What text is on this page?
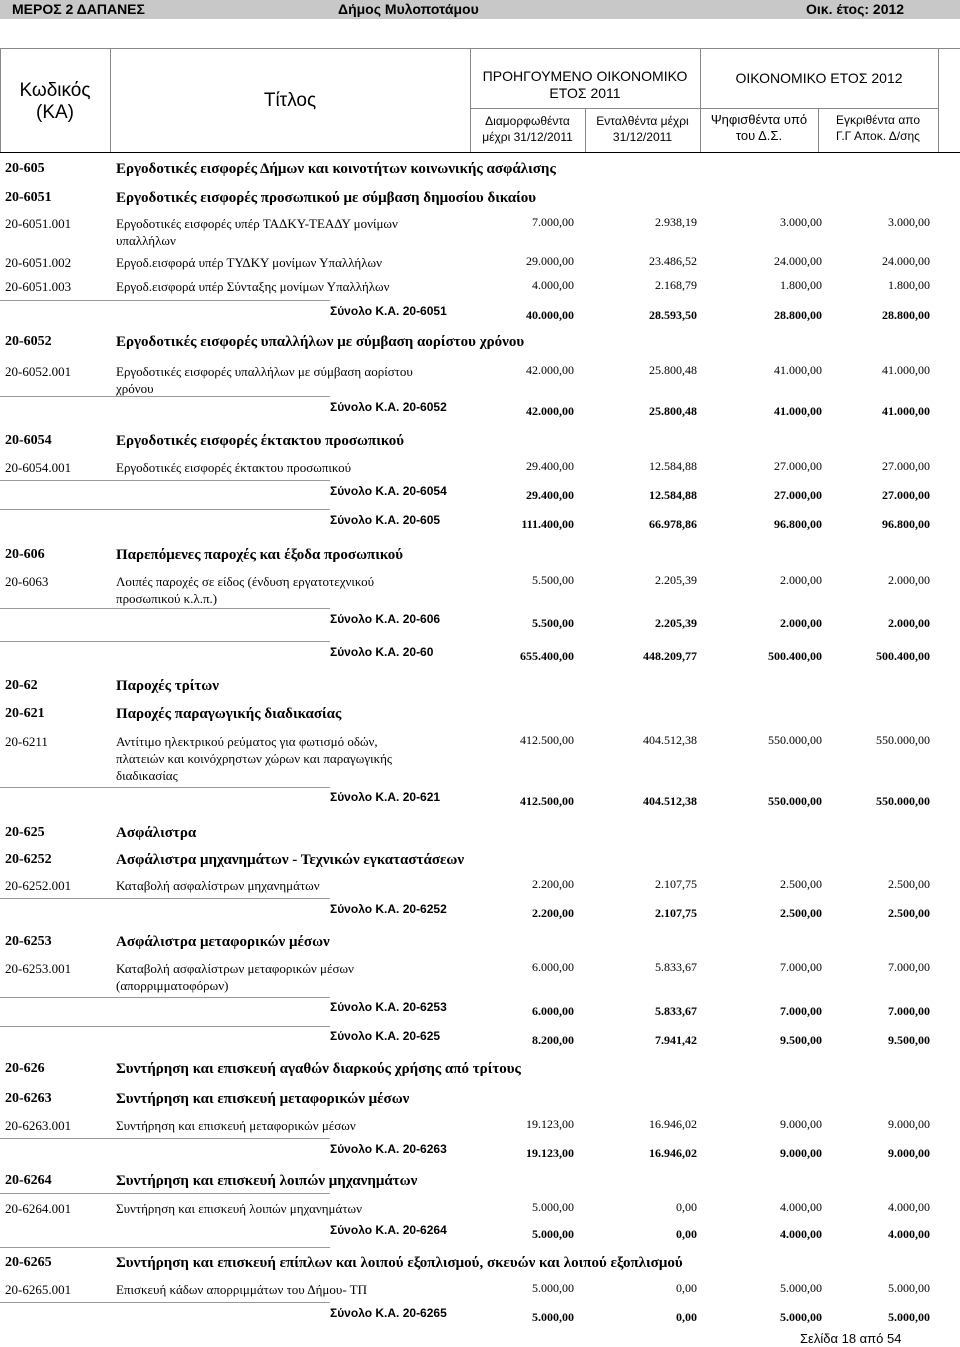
ΜΕΡΟΣ 2 ΔΑΠΑΝΕΣ	Δήμος Μυλοποτάμου	Οικ. έτος: 2012
Κωδικός
(ΚΑ)
Τίτλος
ΠΡΟΗΓΟΥΜΕΝΟ ΟΙΚΟΝΟΜΙΚΟ
ΕΤΟΣ 2011
Διαμορφωθέντα
μέχρι 31/12/2011
Ενταλθέντα μέχρι
31/12/2011
ΟΙΚΟΝΟΜΙΚΟ ΕΤΟΣ 2012
Ψηφισθέντα υπό
του Δ.Σ.
Εγκριθέντα απο
Γ.Γ Αποκ. Δ/σης
20-605	Εργοδοτικές εισφορές Δήμων και κοινοτήτων κοινωνικής ασφάλισης
20-6051	Εργοδοτικές εισφορές προσωπικού με σύμβαση δημοσίου δικαίου
20-6051.001	Εργοδοτικές εισφορές υπέρ ΤΑΔΚΥ-ΤΕΑΔΥ μονίμων
υπαλλήλων
7.000,00	2.938,19	3.000,00	3.000,00
20-6051.002	Εργοδ.εισφορά υπέρ ΤΥΔΚΥ μονίμων Υπαλλήλων	29.000,00	23.486,52	24.000,00	24.000,00
20-6051.003	Εργοδ.εισφορά υπέρ Σύνταξης μονίμων Υπαλλήλων	4.000,00	2.168,79	1.800,00	1.800,00
Σύνολο Κ.Α. 20-6051	40.000,00	28.593,50	28.800,00	28.800,00
20-6052	Εργοδοτικές εισφορές υπαλλήλων με σύμβαση αορίστου χρόνου
20-6052.001	Εργοδοτικές εισφορές υπαλλήλων με σύμβαση αορίστου
χρόνου
42.000,00	25.800,48	41.000,00	41.000,00
Σύνολο Κ.Α. 20-6052	42.000,00	25.800,48	41.000,00	41.000,00
20-6054	Εργοδοτικές εισφορές έκτακτου προσωπικού
20-6054.001	Εργοδοτικές εισφορές έκτακτου προσωπικού	29.400,00	12.584,88	27.000,00	27.000,00
Σύνολο Κ.Α. 20-6054	29.400,00	12.584,88	27.000,00	27.000,00
Σύνολο Κ.Α. 20-605	111.400,00	66.978,86	96.800,00	96.800,00
20-606	Παρεπόμενες παροχές και έξοδα προσωπικού
20-6063	Λοιπές παροχές σε είδος (ένδυση εργατοτεχνικού
προσωπικού κ.λ.π.)
5.500,00	2.205,39	2.000,00	2.000,00
Σύνολο Κ.Α. 20-606	5.500,00	2.205,39	2.000,00	2.000,00
Σύνολο Κ.Α. 20-60	655.400,00	448.209,77	500.400,00	500.400,00
20-62	Παροχές τρίτων
20-621	Παροχές παραγωγικής διαδικασίας
20-6211	Αντίτιμο ηλεκτρικού ρεύματος για φωτισμό οδών,
πλατειών και κοινόχρηστων χώρων και παραγωγικής
διαδικασίας
412.500,00	404.512,38	550.000,00	550.000,00
Σύνολο Κ.Α. 20-621	412.500,00	404.512,38	550.000,00	550.000,00
20-625	Ασφάλιστρα
20-6252	Ασφάλιστρα μηχανημάτων - Τεχνικών εγκαταστάσεων
20-6252.001	Καταβολή ασφαλίστρων μηχανημάτων	2.200,00	2.107,75	2.500,00	2.500,00
Σύνολο Κ.Α. 20-6252	2.200,00	2.107,75	2.500,00	2.500,00
20-6253	Ασφάλιστρα μεταφορικών μέσων
20-6253.001	Καταβολή ασφαλίστρων μεταφορικών μέσων
(απορριμματοφόρων)
6.000,00	5.833,67	7.000,00	7.000,00
Σύνολο Κ.Α. 20-6253	6.000,00	5.833,67	7.000,00	7.000,00
Σύνολο Κ.Α. 20-625	8.200,00	7.941,42	9.500,00	9.500,00
20-626	Συντήρηση και επισκευή αγαθών διαρκούς χρήσης από τρίτους
20-6263	Συντήρηση και επισκευή μεταφορικών μέσων
20-6263.001	Συντήρηση και επισκευή μεταφορικών μέσων	19.123,00	16.946,02	9.000,00	9.000,00
Σύνολο Κ.Α. 20-6263	19.123,00	16.946,02	9.000,00	9.000,00
20-6264	Συντήρηση και επισκευή λοιπών μηχανημάτων
20-6264.001	Συντήρηση και επισκευή λοιπών μηχανημάτων	5.000,00	0,00	4.000,00	4.000,00
Σύνολο Κ.Α. 20-6264	5.000,00	0,00	4.000,00	4.000,00
20-6265	Συντήρηση και επισκευή επίπλων και λοιπού εξοπλισμού, σκευών και λοιπού εξοπλισμού
20-6265.001	Επισκευή κάδων απορριμμάτων του Δήμου- ΤΠ	5.000,00	0,00	5.000,00	5.000,00
Σύνολο Κ.Α. 20-6265	5.000,00	0,00	5.000,00	5.000,00
Σελίδα 18 από 54
